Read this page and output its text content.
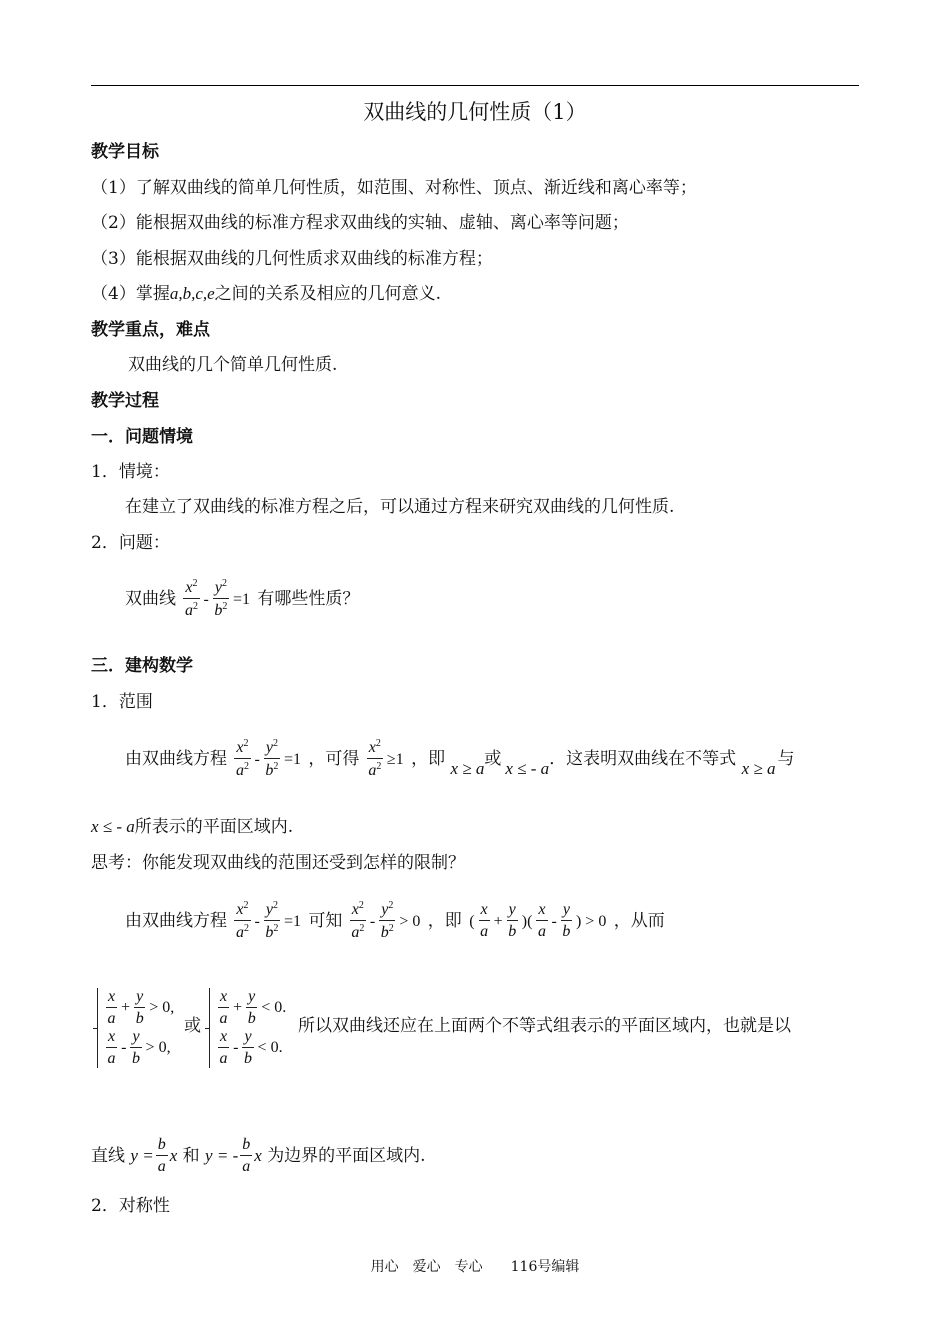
双曲线的几何性质（1）
教学目标
（1）了解双曲线的简单几何性质，如范围、对称性、顶点、渐近线和离心率等；
（2）能根据双曲线的标准方程求双曲线的实轴、虚轴、离心率等问题；
（3）能根据双曲线的几何性质求双曲线的标准方程；
（4）掌握a,b,c,e之间的关系及相应的几何意义.
教学重点，难点
双曲线的几个简单几何性质.
教学过程
一．问题情境
1．情境：
在建立了双曲线的标准方程之后，可以通过方程来研究双曲线的几何性质.
2．问题：
双曲线 $\frac{x^2}{a^2} - \frac{y^2}{b^2} =1$ 有哪些性质？
三．建构数学
1．范围
由双曲线方程 $\frac{x^2}{a^2} - \frac{y^2}{b^2} =1$ ，可得 $\frac{x^2}{a^2} \ge 1$ ，即 x ≥ a或 x ≤ - a．这表明双曲线在不等式 x ≥ a 与
x ≤ - a所表示的平面区域内.
思考：你能发现双曲线的范围还受到怎样的限制？
由双曲线方程 $\frac{x^2}{a^2} - \frac{y^2}{b^2} =1$ 可知 $\frac{x^2}{a^2} - \frac{y^2}{b^2} > 0$ ，即 ( $\frac{x}{a} + \frac{y}{b}$ )( $\frac{x}{a} - \frac{y}{b}$ ) > 0 ，从而
$\frac{x}{a} + \frac{y}{b} > 0$,
$\frac{x}{a} - \frac{y}{b} > 0$,
或 $\frac{x}{a} + \frac{y}{b} < 0$.
$\frac{x}{a} - \frac{y}{b} < 0$.
所以双曲线还应在上面两个不等式组表示的平面区域内，也就是以
直线 $y = \frac{b}{a}$ x 和 y = - $\frac{b}{a}$ x 为边界的平面区域内.
2．对称性
用心　爱心　专心　　116号编辑
